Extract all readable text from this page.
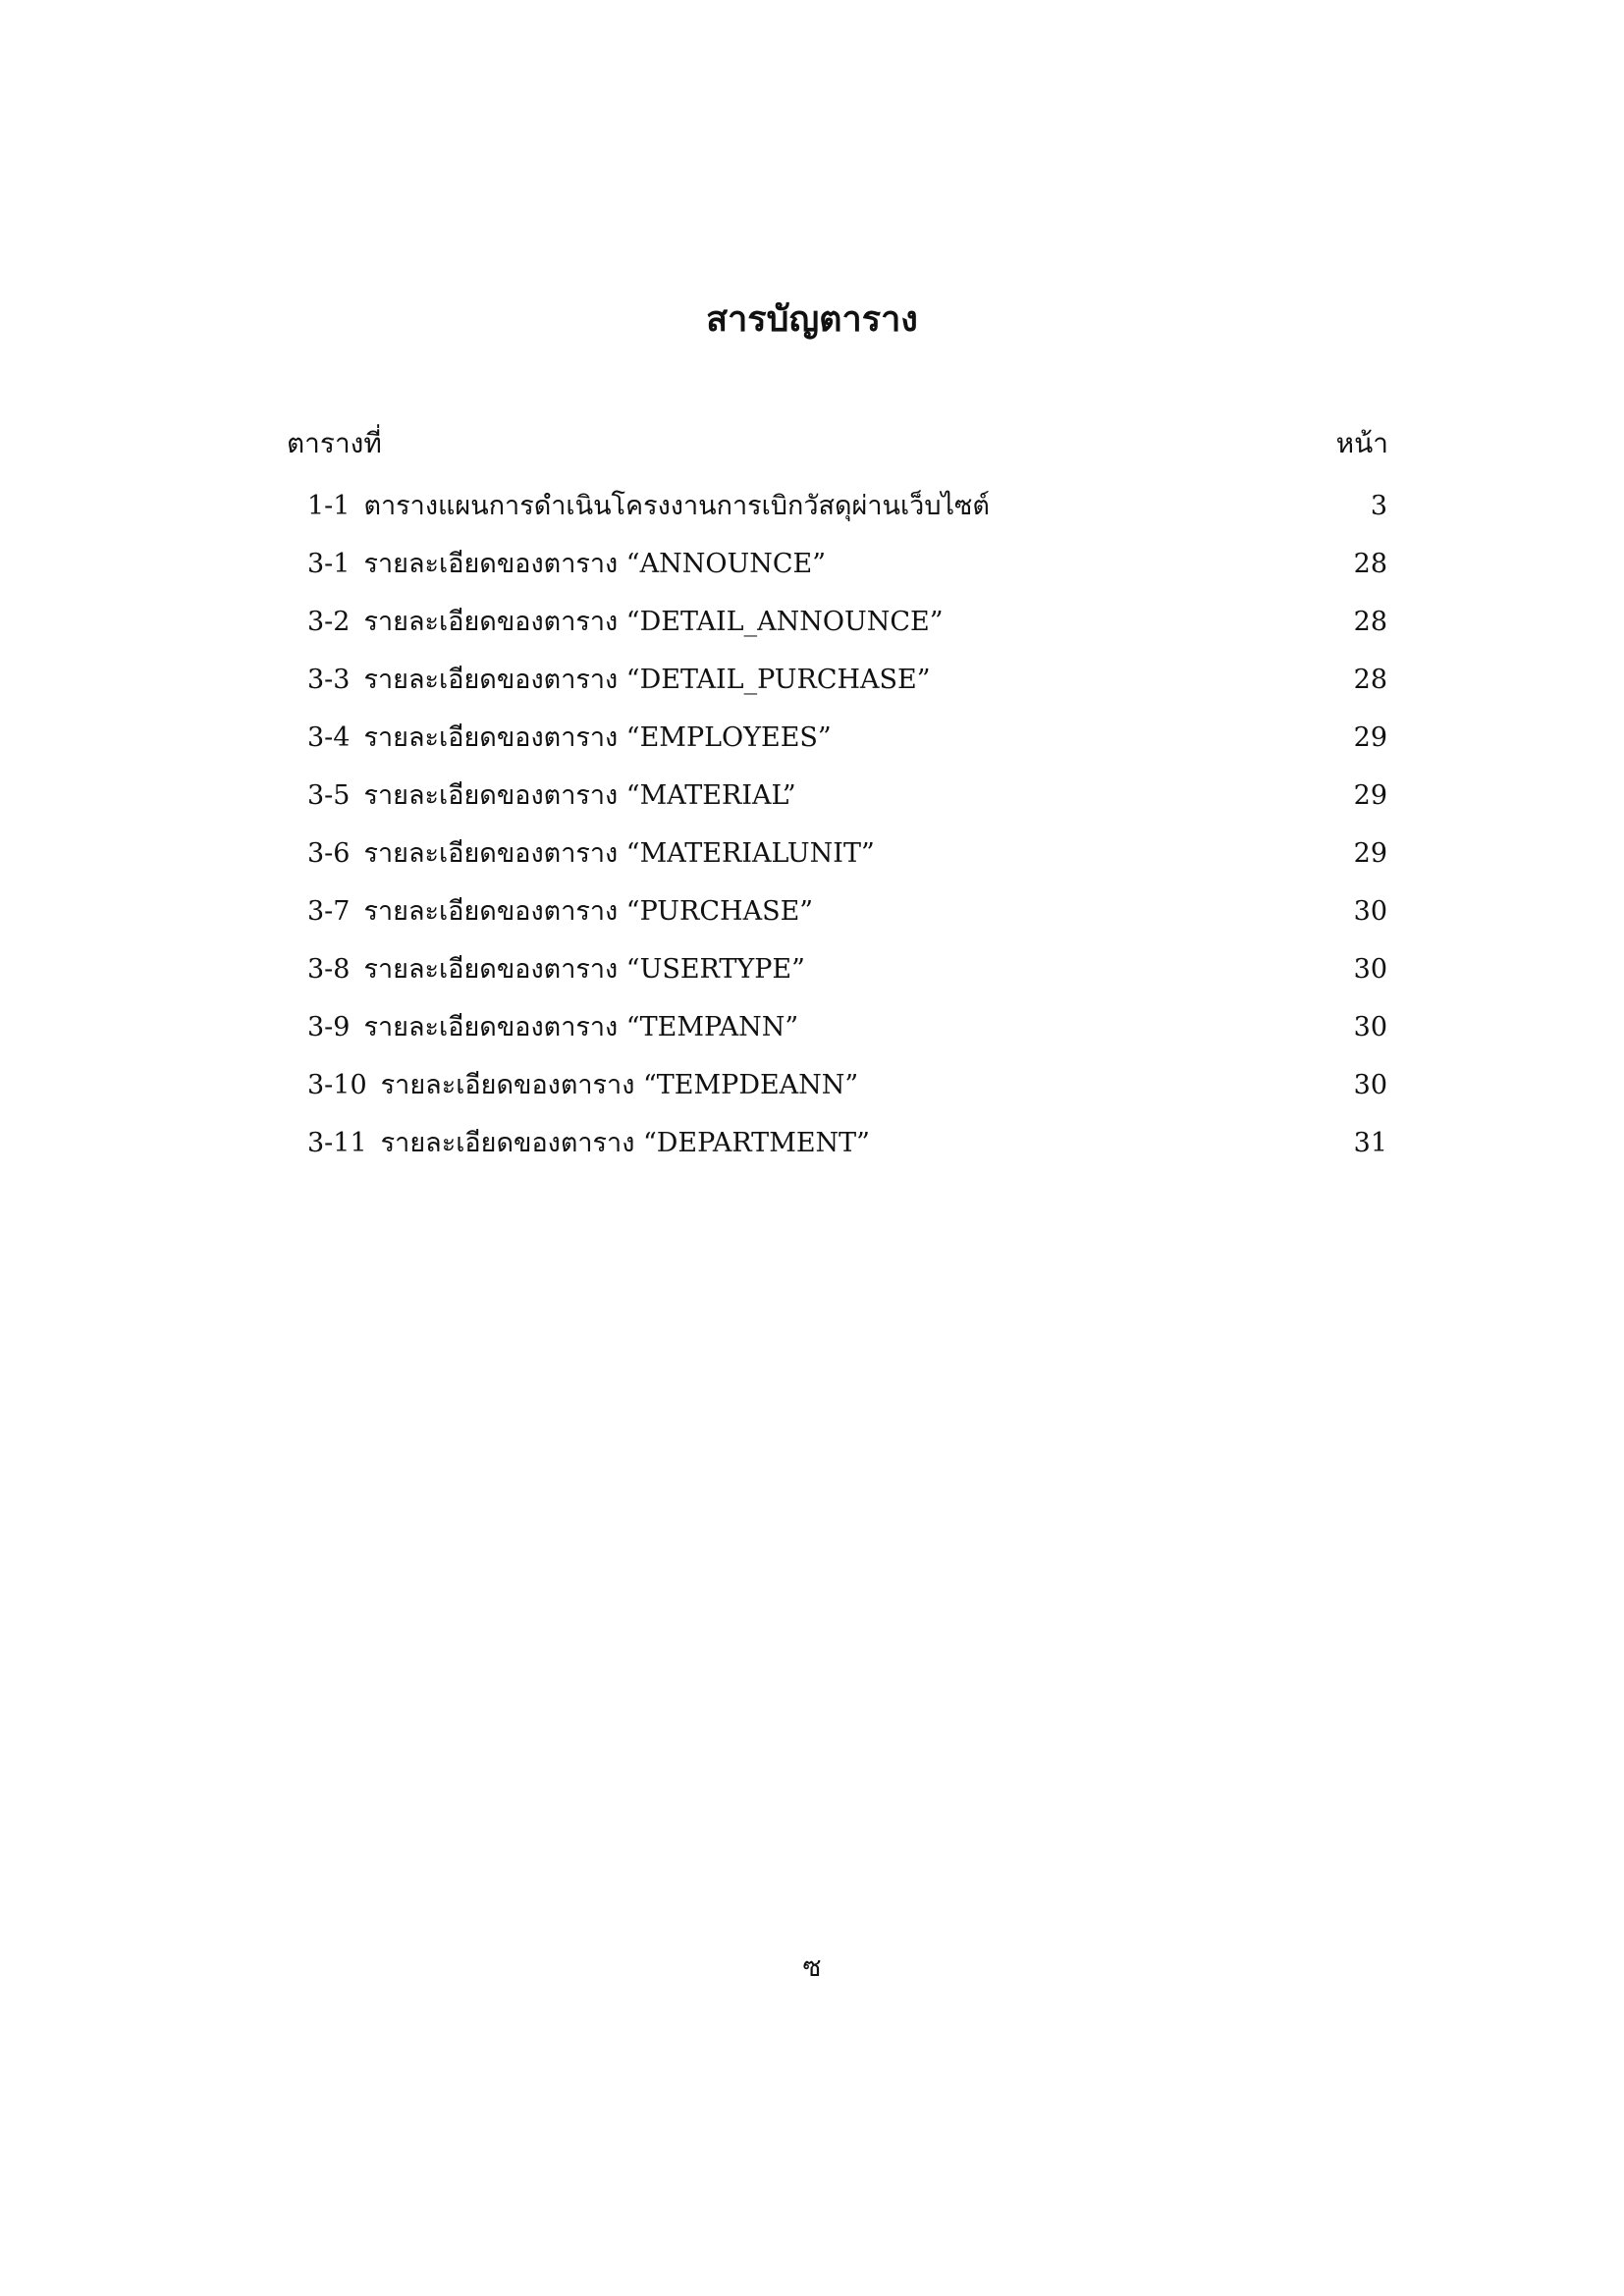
สารบัญตาราง
ตารางที่	หน้า
1-1 ตารางแผนการดำเนินโครงงานการเบิกวัสดุผ่านเว็บไซต์	3
3-1 รายละเอียดของตาราง “ANNOUNCE”	28
3-2 รายละเอียดของตาราง “DETAIL_ANNOUNCE”	28
3-3 รายละเอียดของตาราง “DETAIL_PURCHASE”	28
3-4 รายละเอียดของตาราง “EMPLOYEES”	29
3-5 รายละเอียดของตาราง “MATERIAL”	29
3-6 รายละเอียดของตาราง “MATERIALUNIT”	29
3-7 รายละเอียดของตาราง “PURCHASE”	30
3-8 รายละเอียดของตาราง “USERTYPE”	30
3-9 รายละเอียดของตาราง “TEMPANN”	30
3-10 รายละเอียดของตาราง “TEMPDEANN”	30
3-11 รายละเอียดของตาราง “DEPARTMENT”	31
ซ
